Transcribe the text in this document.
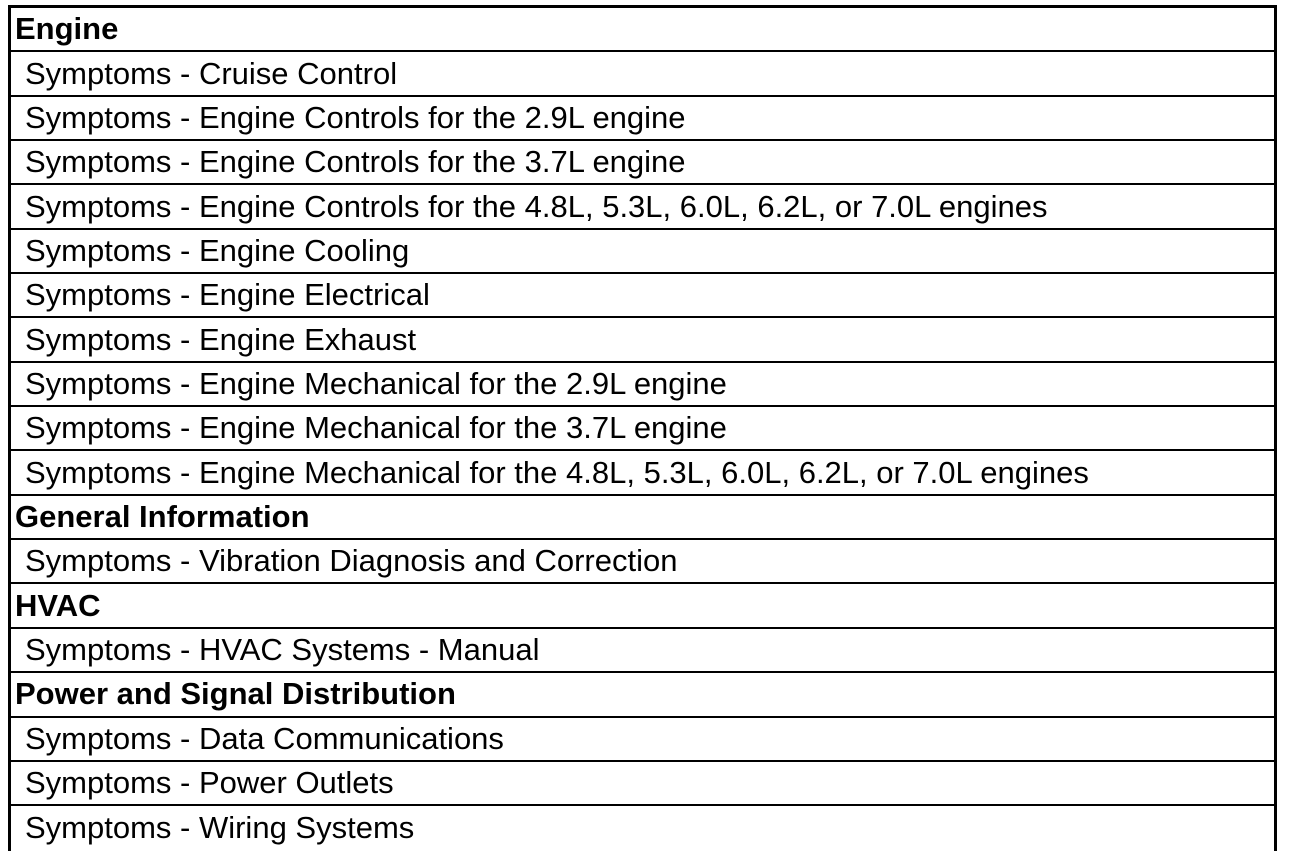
Engine
Symptoms - Cruise Control
Symptoms - Engine Controls for the 2.9L engine
Symptoms - Engine Controls for the 3.7L engine
Symptoms - Engine Controls for the 4.8L, 5.3L, 6.0L, 6.2L, or 7.0L engines
Symptoms - Engine Cooling
Symptoms - Engine Electrical
Symptoms - Engine Exhaust
Symptoms - Engine Mechanical for the 2.9L engine
Symptoms - Engine Mechanical for the 3.7L engine
Symptoms - Engine Mechanical for the 4.8L, 5.3L, 6.0L, 6.2L, or 7.0L engines
General Information
Symptoms - Vibration Diagnosis and Correction
HVAC
Symptoms - HVAC Systems - Manual
Power and Signal Distribution
Symptoms - Data Communications
Symptoms - Power Outlets
Symptoms - Wiring Systems
